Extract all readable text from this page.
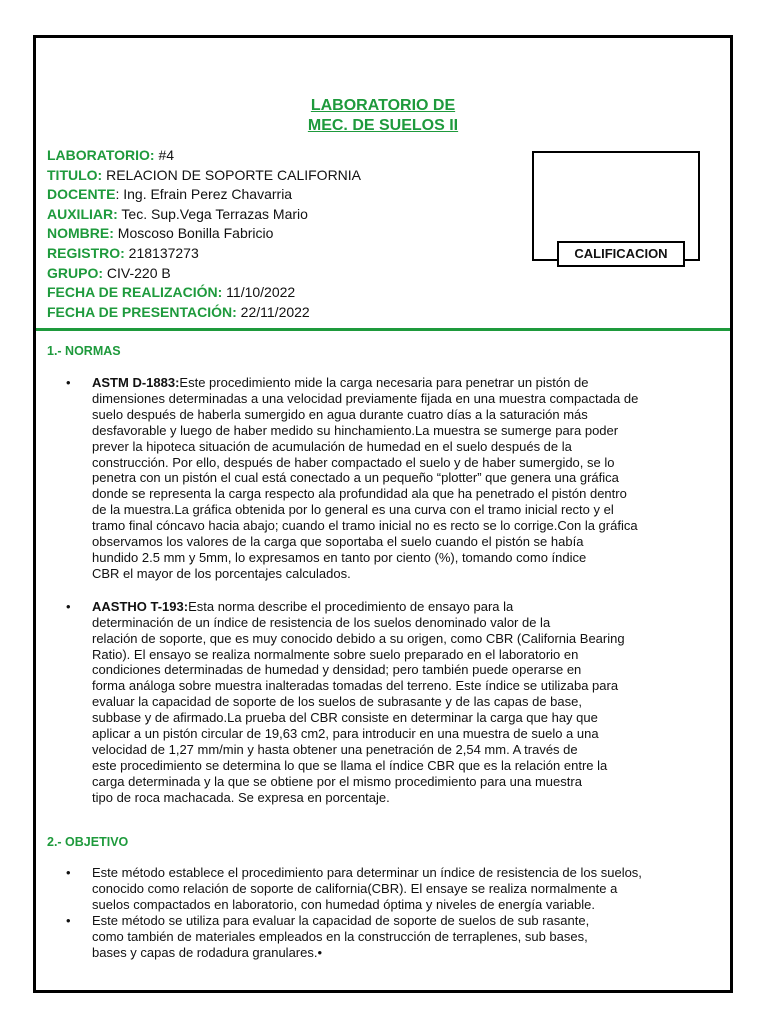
LABORATORIO DE
MEC. DE SUELOS II
LABORATORIO: #4
TITULO: RELACION DE SOPORTE CALIFORNIA
DOCENTE: Ing. Efrain Perez Chavarria
AUXILIAR: Tec. Sup.Vega Terrazas Mario
NOMBRE: Moscoso Bonilla Fabricio
REGISTRO: 218137273
GRUPO: CIV-220 B
FECHA DE REALIZACIÓN: 11/10/2022
FECHA DE PRESENTACIÓN: 22/11/2022
CALIFICACION
1.- NORMAS
• ASTM D-1883:Este procedimiento mide la carga necesaria para penetrar un pistón de
dimensiones determinadas a una velocidad previamente fijada en una muestra compactada de
suelo después de haberla sumergido en agua durante cuatro días a la saturación más
desfavorable y luego de haber medido su hinchamiento.La muestra se sumerge para poder
prever la hipoteca situación de acumulación de humedad en el suelo después de la
construcción. Por ello, después de haber compactado el suelo y de haber sumergido, se lo
penetra con un pistón el cual está conectado a un pequeño “plotter” que genera una gráfica
donde se representa la carga respecto ala profundidad ala que ha penetrado el pistón dentro
de la muestra.La gráfica obtenida por lo general es una curva con el tramo inicial recto y el
tramo final cóncavo hacia abajo; cuando el tramo inicial no es recto se lo corrige.Con la gráfica
observamos los valores de la carga que soportaba el suelo cuando el pistón se había
hundido 2.5 mm y 5mm, lo expresamos en tanto por ciento (%), tomando como índice
CBR el mayor de los porcentajes calculados.
• AASTHO T-193:Esta norma describe el procedimiento de ensayo para la
determinación de un índice de resistencia de los suelos denominado valor de la
relación de soporte, que es muy conocido debido a su origen, como CBR (California Bearing
Ratio). El ensayo se realiza normalmente sobre suelo preparado en el laboratorio en
condiciones determinadas de humedad y densidad; pero también puede operarse en
forma análoga sobre muestra inalteradas tomadas del terreno. Este índice se utilizaba para
evaluar la capacidad de soporte de los suelos de subrasante y de las capas de base,
subbase y de afirmado.La prueba del CBR consiste en determinar la carga que hay que
aplicar a un pistón circular de 19,63 cm2, para introducir en una muestra de suelo a una
velocidad de 1,27 mm/min y hasta obtener una penetración de 2,54 mm. A través de
este procedimiento se determina lo que se llama el índice CBR que es la relación entre la
carga determinada y la que se obtiene por el mismo procedimiento para una muestra
tipo de roca machacada. Se expresa en porcentaje.
2.- OBJETIVO
• Este método establece el procedimiento para determinar un índice de resistencia de los suelos,
conocido como relación de soporte de california(CBR). El ensaye se realiza normalmente a
suelos compactados en laboratorio, con humedad óptima y niveles de energía variable.
• Este método se utiliza para evaluar la capacidad de soporte de suelos de sub rasante,
como también de materiales empleados en la construcción de terraplenes, sub bases,
bases y capas de rodadura granulares.•
